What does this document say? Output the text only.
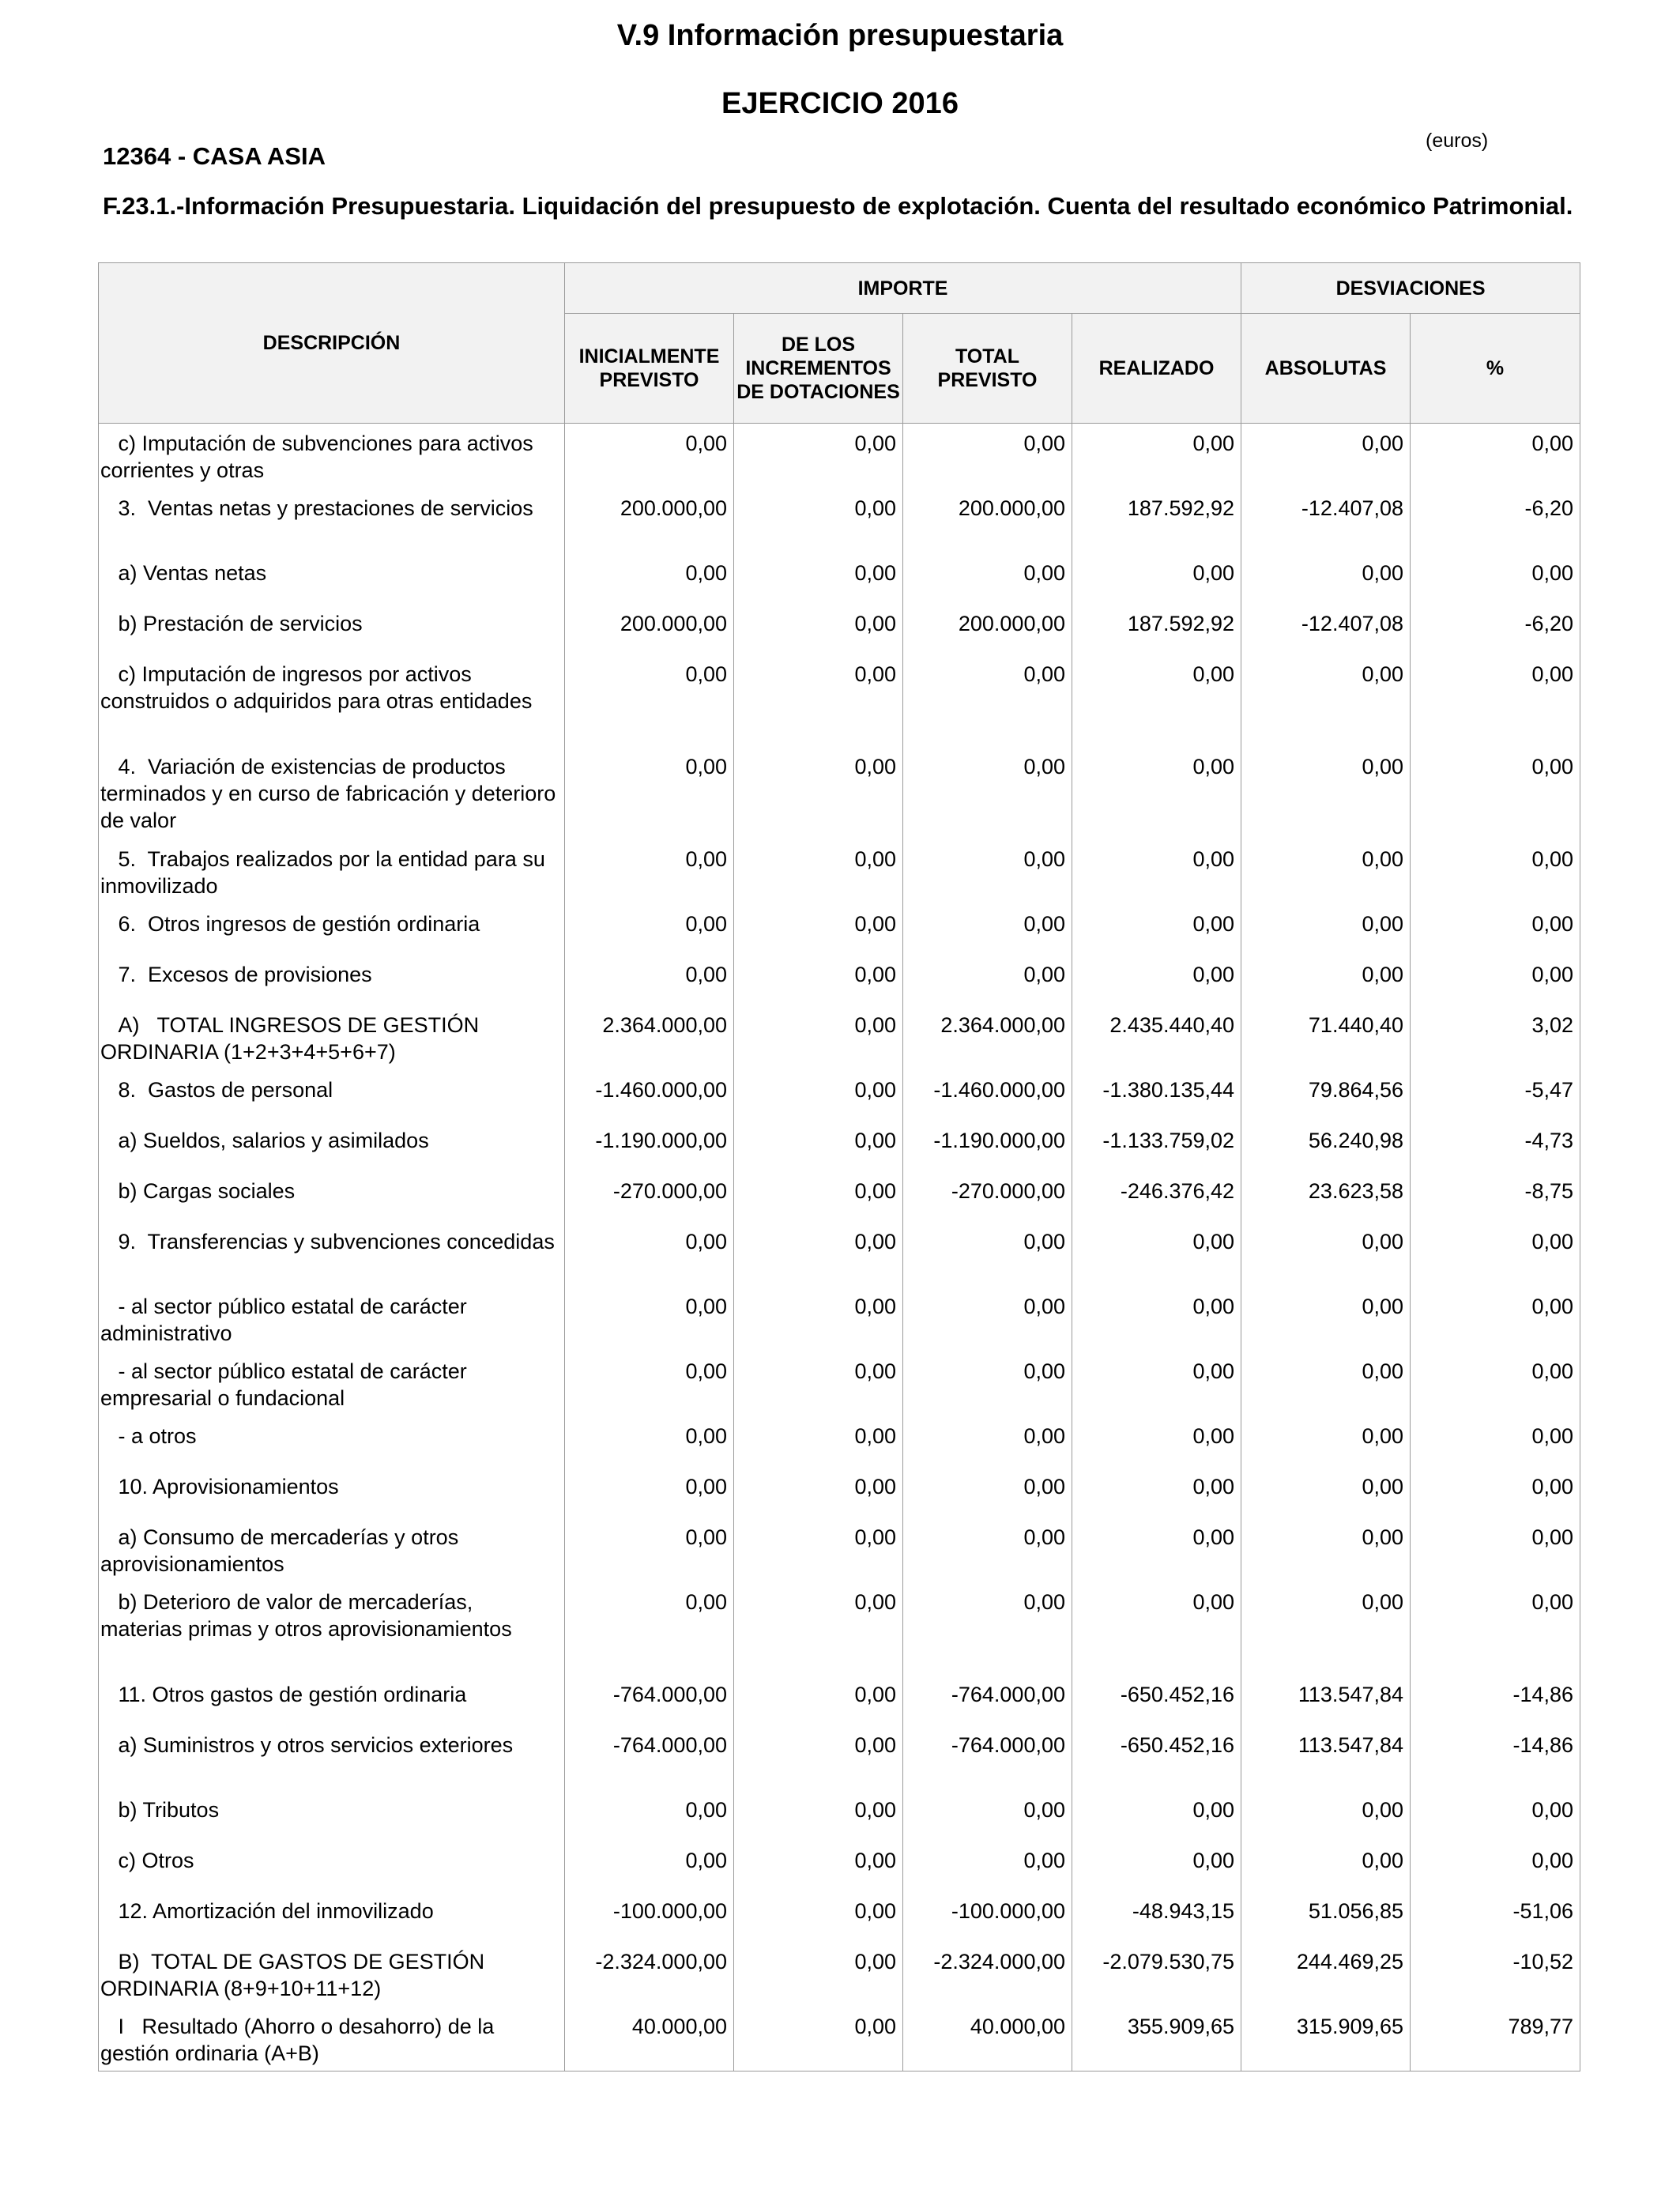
V.9 Información presupuestaria
EJERCICIO 2016
12364 - CASA ASIA
(euros)
F.23.1.-Información Presupuestaria. Liquidación del presupuesto de explotación. Cuenta del resultado económico Patrimonial.
DESCRIPCIÓN	IMPORTE				DESVIACIONES	
	INICIALMENTE PREVISTO	DE LOS INCREMENTOS DE DOTACIONES	TOTAL PREVISTO	REALIZADO	ABSOLUTAS	%
c) Imputación de subvenciones para activos corrientes y otras	0,00	0,00	0,00	0,00	0,00	0,00
3.  Ventas netas y prestaciones de servicios	200.000,00	0,00	200.000,00	187.592,92	-12.407,08	-6,20
a) Ventas netas	0,00	0,00	0,00	0,00	0,00	0,00
b) Prestación de servicios	200.000,00	0,00	200.000,00	187.592,92	-12.407,08	-6,20
c) Imputación de ingresos por activos construidos o adquiridos para otras entidades	0,00	0,00	0,00	0,00	0,00	0,00
4.  Variación de existencias de productos terminados y en curso de fabricación y deterioro de valor	0,00	0,00	0,00	0,00	0,00	0,00
5.  Trabajos realizados por la entidad para su inmovilizado	0,00	0,00	0,00	0,00	0,00	0,00
6.  Otros ingresos de gestión ordinaria	0,00	0,00	0,00	0,00	0,00	0,00
7.  Excesos de provisiones	0,00	0,00	0,00	0,00	0,00	0,00
A)   TOTAL INGRESOS DE GESTIÓN ORDINARIA (1+2+3+4+5+6+7)	2.364.000,00	0,00	2.364.000,00	2.435.440,40	71.440,40	3,02
8.  Gastos de personal	-1.460.000,00	0,00	-1.460.000,00	-1.380.135,44	79.864,56	-5,47
a) Sueldos, salarios y asimilados	-1.190.000,00	0,00	-1.190.000,00	-1.133.759,02	56.240,98	-4,73
b) Cargas sociales	-270.000,00	0,00	-270.000,00	-246.376,42	23.623,58	-8,75
9.  Transferencias y subvenciones concedidas	0,00	0,00	0,00	0,00	0,00	0,00
- al sector público estatal de carácter administrativo	0,00	0,00	0,00	0,00	0,00	0,00
- al sector público estatal de carácter empresarial o fundacional	0,00	0,00	0,00	0,00	0,00	0,00
- a otros	0,00	0,00	0,00	0,00	0,00	0,00
10. Aprovisionamientos	0,00	0,00	0,00	0,00	0,00	0,00
a) Consumo de mercaderías y otros aprovisionamientos	0,00	0,00	0,00	0,00	0,00	0,00
b) Deterioro de valor de mercaderías, materias primas y otros aprovisionamientos	0,00	0,00	0,00	0,00	0,00	0,00
11. Otros gastos de gestión ordinaria	-764.000,00	0,00	-764.000,00	-650.452,16	113.547,84	-14,86
a) Suministros y otros servicios exteriores	-764.000,00	0,00	-764.000,00	-650.452,16	113.547,84	-14,86
b) Tributos	0,00	0,00	0,00	0,00	0,00	0,00
c) Otros	0,00	0,00	0,00	0,00	0,00	0,00
12. Amortización del inmovilizado	-100.000,00	0,00	-100.000,00	-48.943,15	51.056,85	-51,06
B)  TOTAL DE GASTOS DE GESTIÓN ORDINARIA (8+9+10+11+12)	-2.324.000,00	0,00	-2.324.000,00	-2.079.530,75	244.469,25	-10,52
I   Resultado (Ahorro o desahorro) de la gestión ordinaria (A+B)	40.000,00	0,00	40.000,00	355.909,65	315.909,65	789,77
